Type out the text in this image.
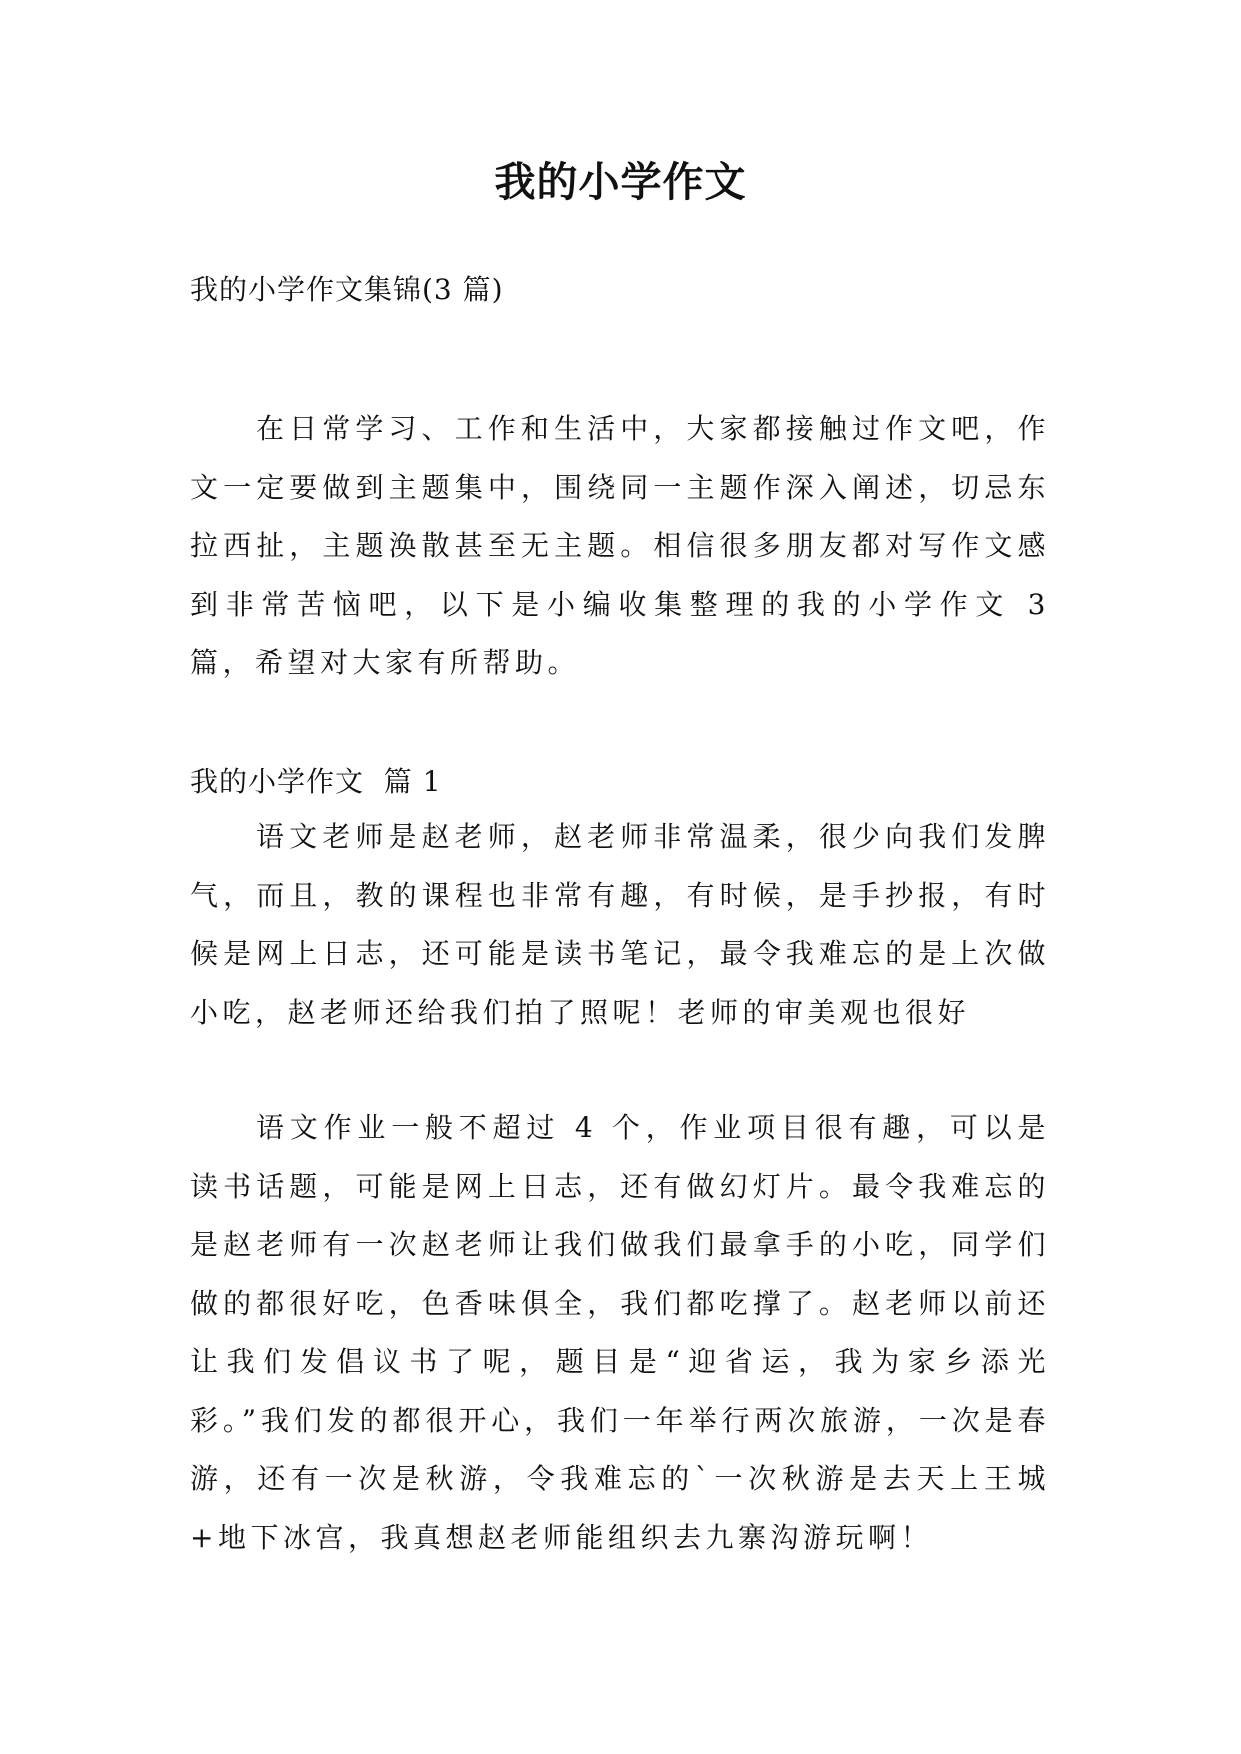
我的小学作文

我的小学作文集锦(3 篇)

在日常学习、工作和生活中，大家都接触过作文吧，作文一定要做到主题集中，围绕同一主题作深入阐述，切忌东拉西扯，主题涣散甚至无主题。相信很多朋友都对写作文感到非常苦恼吧，以下是小编收集整理的我的小学作文 3 篇，希望对大家有所帮助。

我的小学作文  篇 1

语文老师是赵老师，赵老师非常温柔，很少向我们发脾气，而且，教的课程也非常有趣，有时候，是手抄报，有时候是网上日志，还可能是读书笔记，最令我难忘的是上次做小吃，赵老师还给我们拍了照呢！老师的审美观也很好

语文作业一般不超过 4 个，作业项目很有趣，可以是读书话题，可能是网上日志，还有做幻灯片。最令我难忘的是赵老师有一次赵老师让我们做我们最拿手的小吃，同学们做的都很好吃，色香味俱全，我们都吃撑了。赵老师以前还让我们发倡议书了呢，题目是“迎省运，我为家乡添光彩。”我们发的都很开心，我们一年举行两次旅游，一次是春游，还有一次是秋游，令我难忘的`一次秋游是去天上王城+地下冰宫，我真想赵老师能组织去九寨沟游玩啊！
